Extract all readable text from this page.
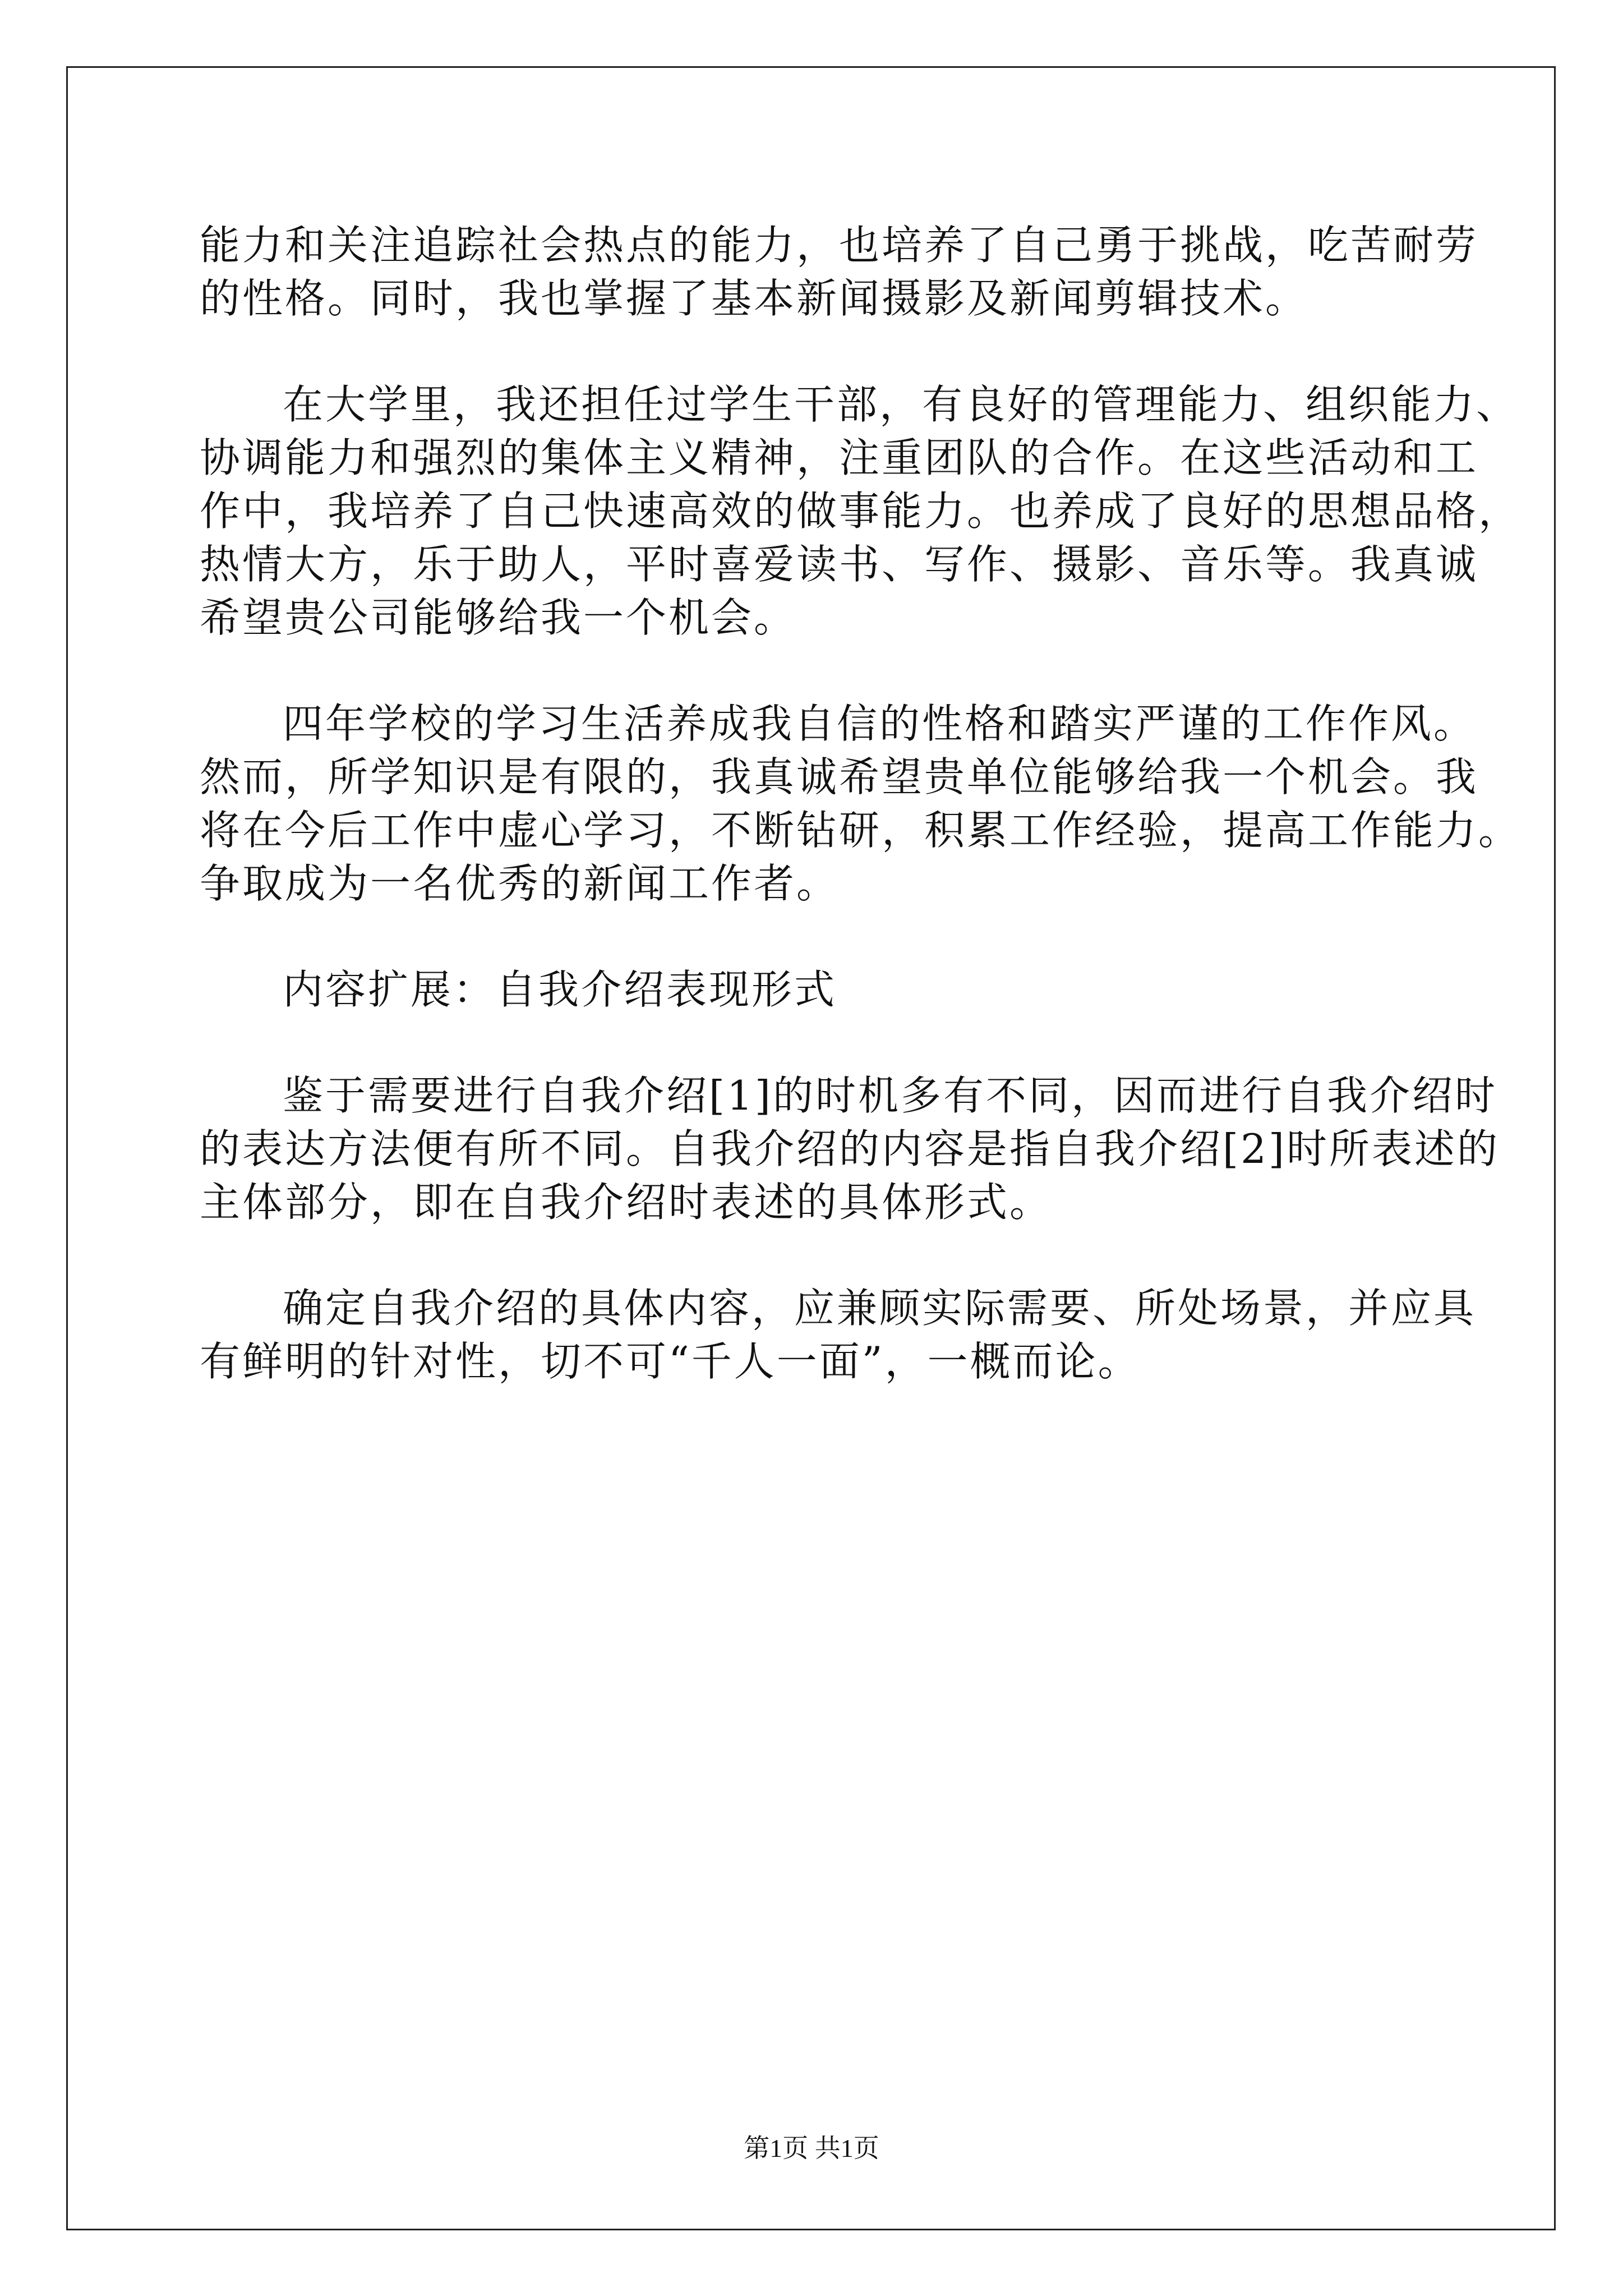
能力和关注追踪社会热点的能力，也培养了自己勇于挑战，吃苦耐劳
的性格。同时，我也掌握了基本新闻摄影及新闻剪辑技术。
在大学里，我还担任过学生干部，有良好的管理能力、组织能力、
协调能力和强烈的集体主义精神，注重团队的合作。在这些活动和工
作中，我培养了自己快速高效的做事能力。也养成了良好的思想品格，
热情大方，乐于助人，平时喜爱读书、写作、摄影、音乐等。我真诚
希望贵公司能够给我一个机会。
四年学校的学习生活养成我自信的性格和踏实严谨的工作作风。
然而，所学知识是有限的，我真诚希望贵单位能够给我一个机会。我
将在今后工作中虚心学习，不断钻研，积累工作经验，提高工作能力。
争取成为一名优秀的新闻工作者。
内容扩展：自我介绍表现形式
鉴于需要进行自我介绍[1]的时机多有不同，因而进行自我介绍时
的表达方法便有所不同。自我介绍的内容是指自我介绍[2]时所表述的
主体部分，即在自我介绍时表述的具体形式。
确定自我介绍的具体内容，应兼顾实际需要、所处场景，并应具
有鲜明的针对性，切不可“千人一面”，一概而论。
第1页 共1页
